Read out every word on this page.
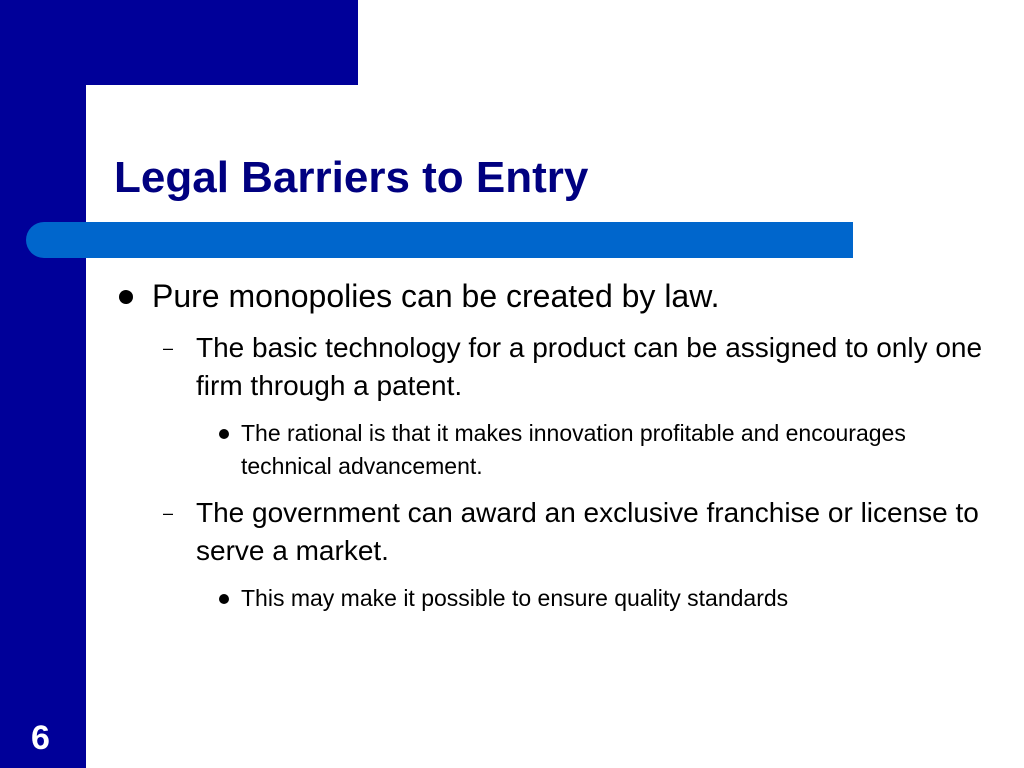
Legal Barriers to Entry
Pure monopolies can be created by law.
– The basic technology for a product can be assigned to only one firm through a patent.
The rational is that it makes innovation profitable and encourages technical advancement.
– The government can award an exclusive franchise or license to serve a market.
This may make it possible to ensure quality standards

6
